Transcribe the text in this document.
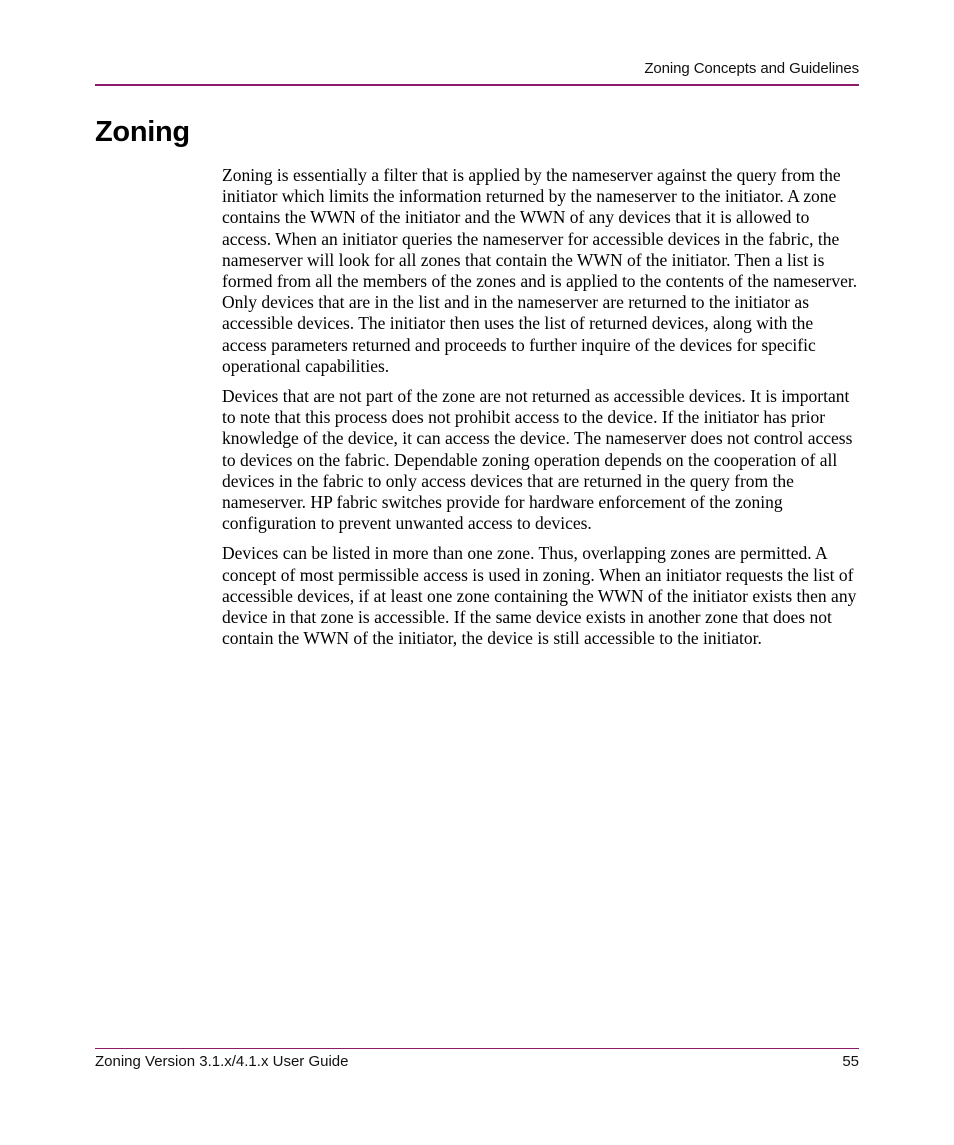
Zoning Concepts and Guidelines
Zoning

Zoning is essentially a filter that is applied by the nameserver against the query from the initiator which limits the information returned by the nameserver to the initiator. A zone contains the WWN of the initiator and the WWN of any devices that it is allowed to access. When an initiator queries the nameserver for accessible devices in the fabric, the nameserver will look for all zones that contain the WWN of the initiator. Then a list is formed from all the members of the zones and is applied to the contents of the nameserver. Only devices that are in the list and in the nameserver are returned to the initiator as accessible devices. The initiator then uses the list of returned devices, along with the access parameters returned and proceeds to further inquire of the devices for specific operational capabilities.

Devices that are not part of the zone are not returned as accessible devices. It is important to note that this process does not prohibit access to the device. If the initiator has prior knowledge of the device, it can access the device. The nameserver does not control access to devices on the fabric. Dependable zoning operation depends on the cooperation of all devices in the fabric to only access devices that are returned in the query from the nameserver. HP fabric switches provide for hardware enforcement of the zoning configuration to prevent unwanted access to devices.

Devices can be listed in more than one zone. Thus, overlapping zones are permitted. A concept of most permissible access is used in zoning. When an initiator requests the list of accessible devices, if at least one zone containing the WWN of the initiator exists then any device in that zone is accessible. If the same device exists in another zone that does not contain the WWN of the initiator, the device is still accessible to the initiator.

Zoning Version 3.1.x/4.1.x User Guide	55
